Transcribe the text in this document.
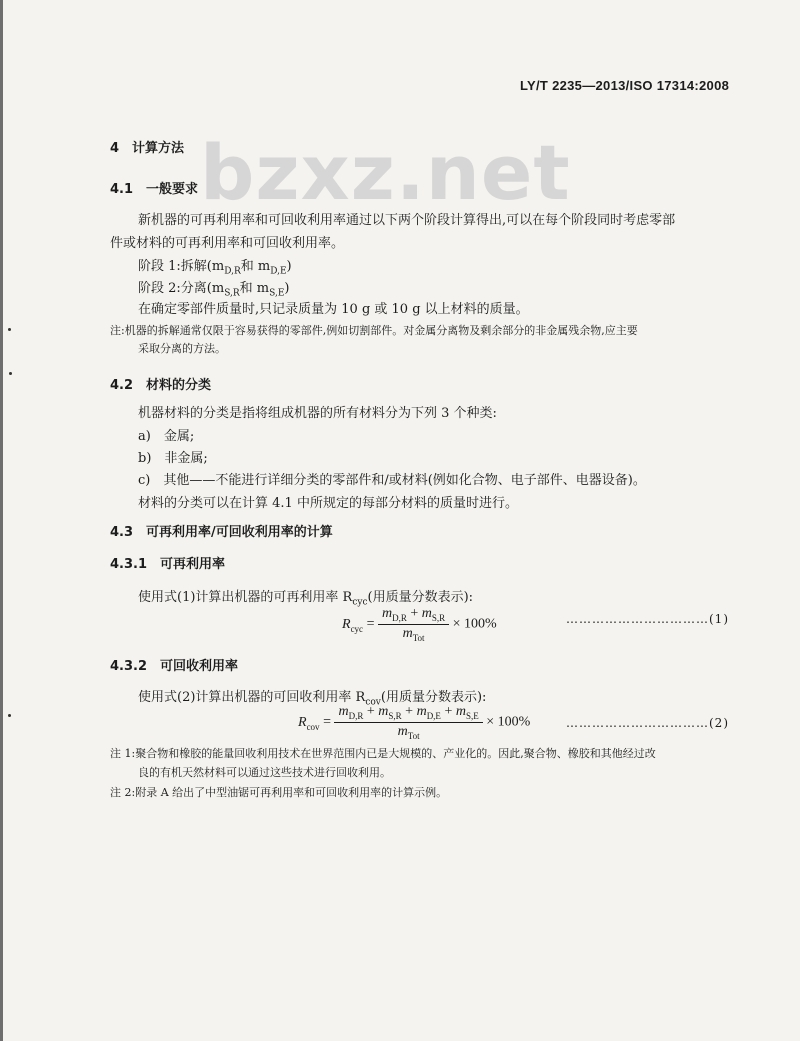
LY/T 2235—2013/ISO 17314:2008
bzxz.net
4　计算方法
4.1　一般要求
新机器的可再利用率和可回收利用率通过以下两个阶段计算得出,可以在每个阶段同时考虑零部
件或材料的可再利用率和可回收利用率。
阶段 1:拆解($m_{D,R}$和 $m_{D,E}$)
阶段 2:分离($m_{S,R}$和 $m_{S,E}$)
在确定零部件质量时,只记录质量为 10 g 或 10 g 以上材料的质量。
注:机器的拆解通常仅限于容易获得的零部件,例如切割部件。对金属分离物及剩余部分的非金属残余物,应主要
采取分离的方法。
4.2　材料的分类
机器材料的分类是指将组成机器的所有材料分为下列 3 个种类:
a)　金属;
b)　非金属;
c)　其他——不能进行详细分类的零部件和/或材料(例如化合物、电子部件、电器设备)。
材料的分类可以在计算 4.1 中所规定的每部分材料的质量时进行。
4.3　可再利用率/可回收利用率的计算
4.3.1　可再利用率
使用式(1)计算出机器的可再利用率 $R_{cyc}$(用质量分数表示):
$R_{cyc} = \frac{m_{D,R} + m_{S,R}}{m_{Tot}} \times 100\%$	……………………………(1)
4.3.2　可回收利用率
使用式(2)计算出机器的可回收利用率 $R_{cov}$(用质量分数表示):
$R_{cov} = \frac{m_{D,R} + m_{S,R} + m_{D,E} + m_{S,E}}{m_{Tot}} \times 100\%$	……………………………(2)
注 1:聚合物和橡胶的能量回收利用技术在世界范围内已是大规模的、产业化的。因此,聚合物、橡胶和其他经过改
良的有机天然材料可以通过这些技术进行回收利用。
注 2:附录 A 给出了中型油锯可再利用率和可回收利用率的计算示例。
